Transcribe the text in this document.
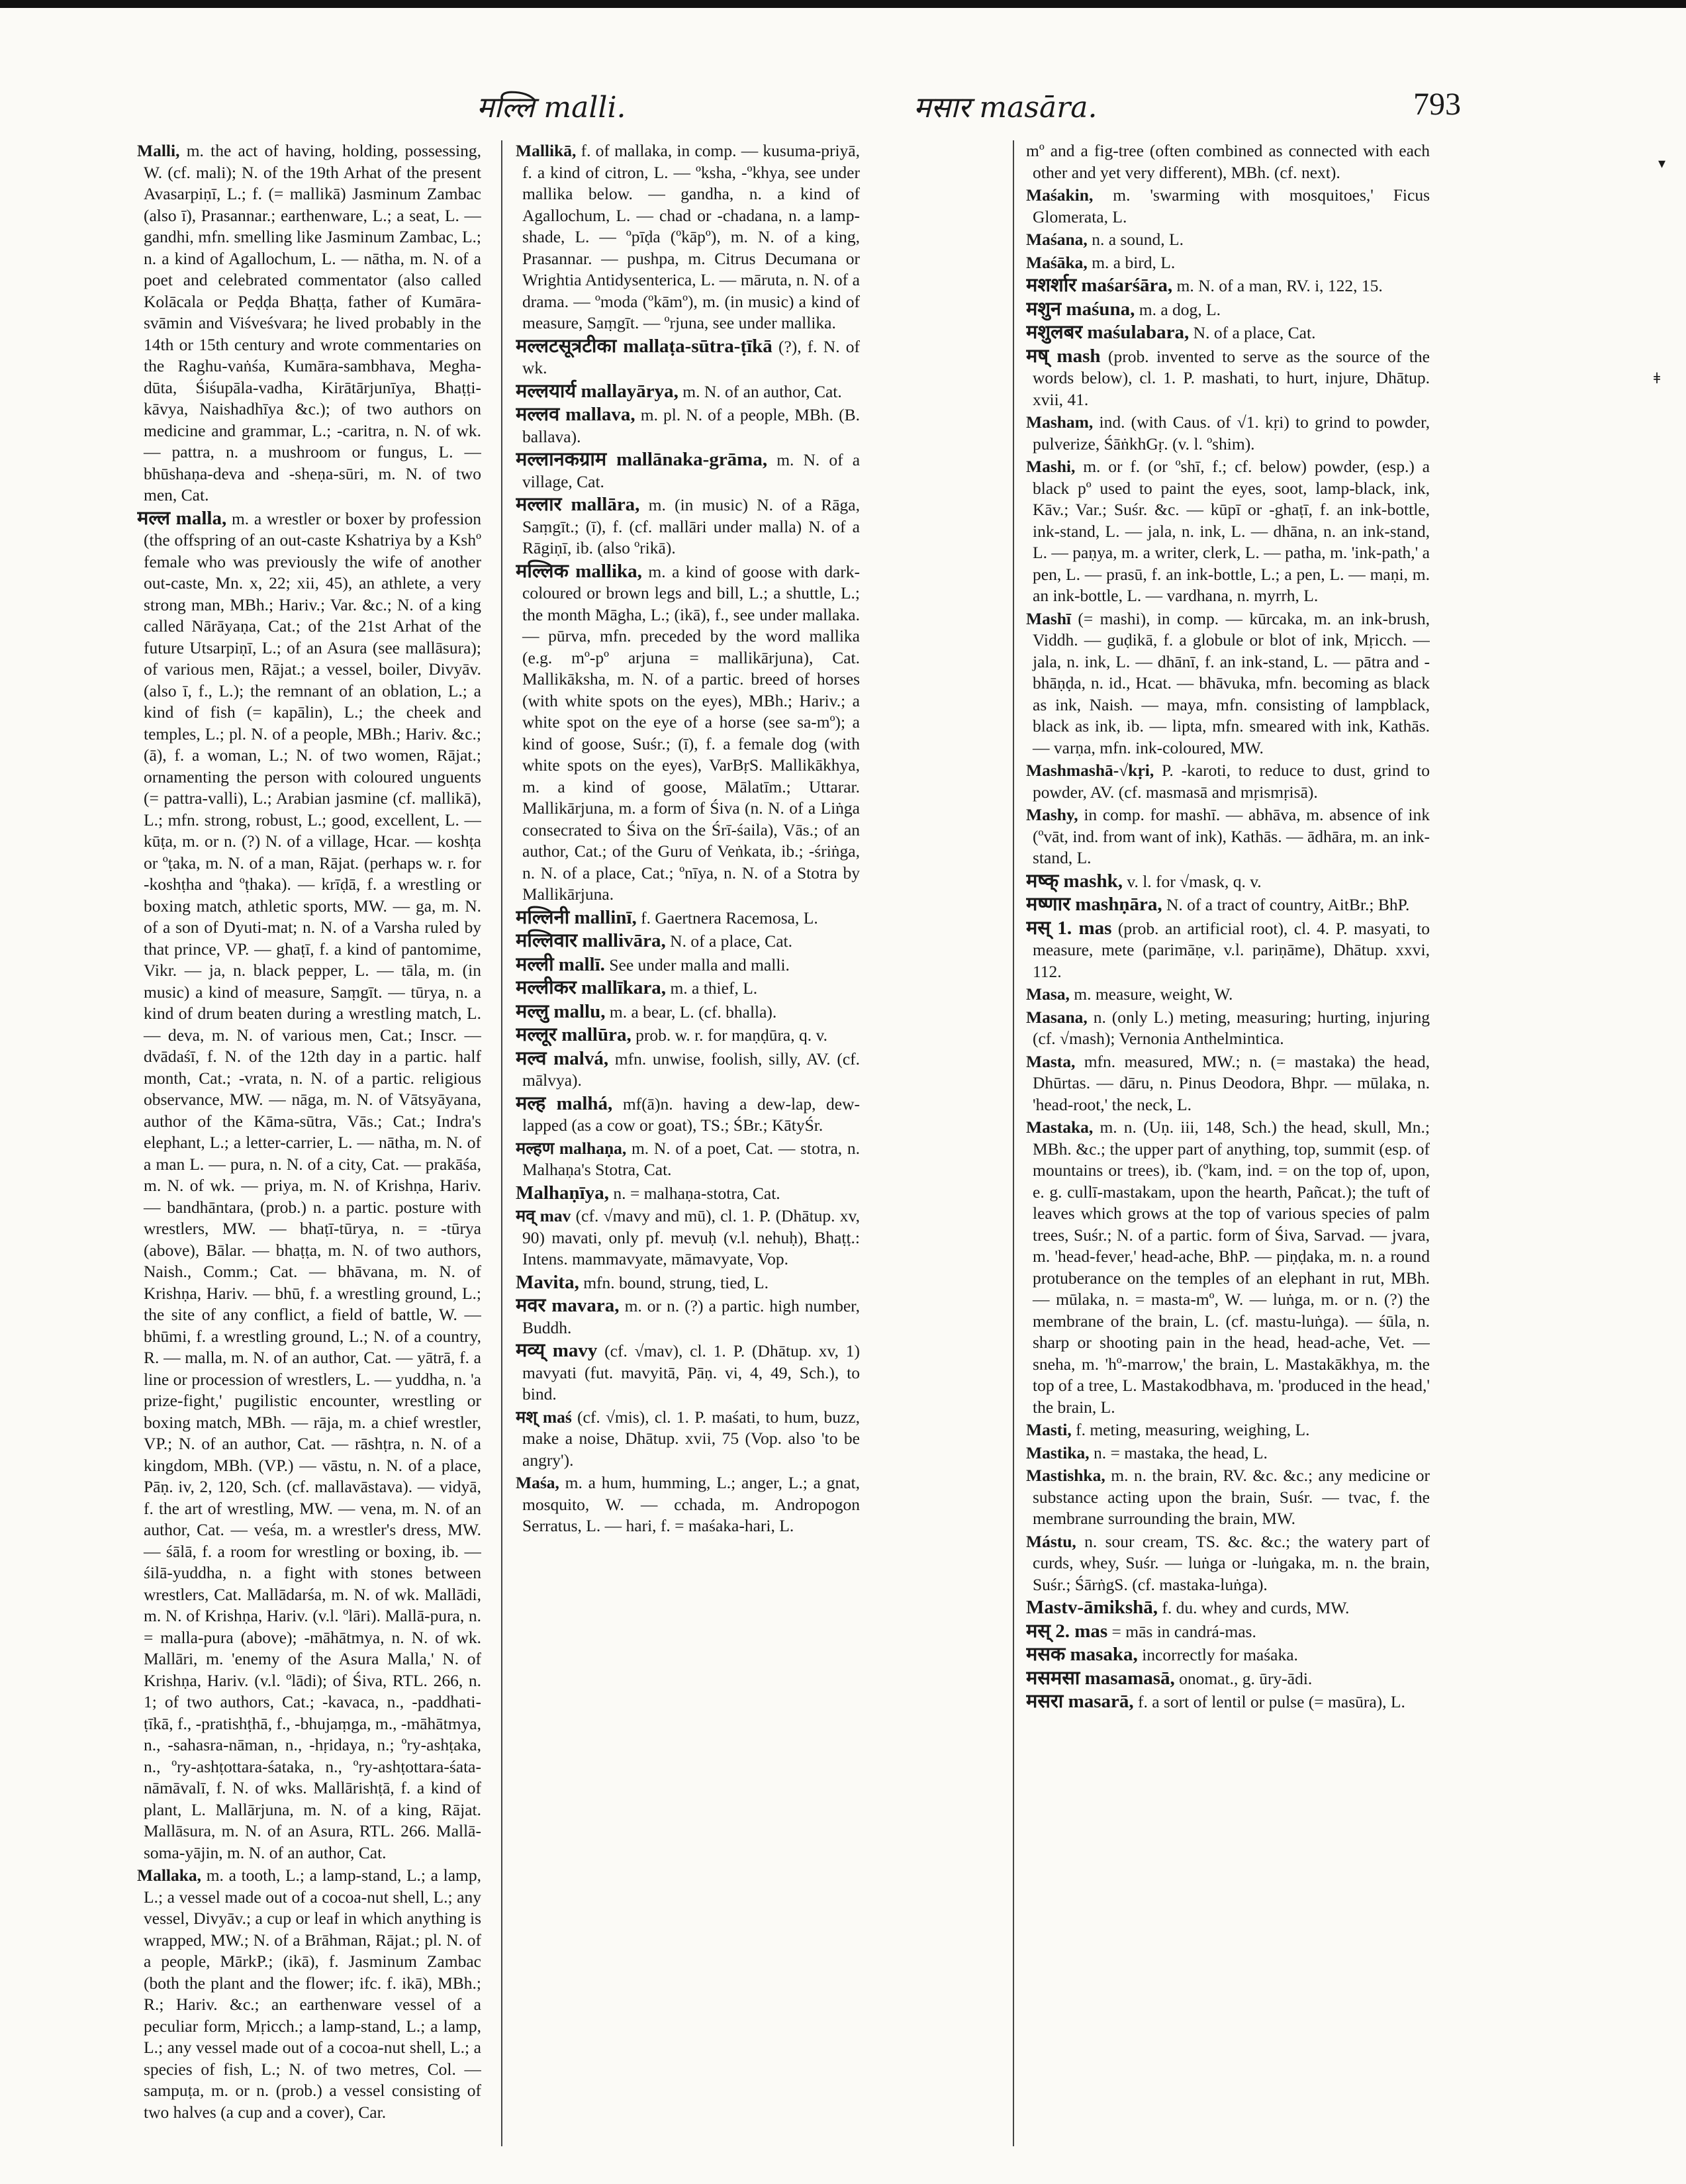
मल्लि malli.	मसार masāra.	793
▾
ǂ

Malli, m. the act of having, holding, possessing, W. (cf. mali); N. of the 19th Arhat of the present Avasarpiṇī, L.; f. (= mallikā) Jasminum Zambac (also ī), Prasannar.; earthenware, L.; a seat, L. — gandhi, mfn. smelling like Jasminum Zambac, L.; n. a kind of Agallochum, L. — nātha, m. N. of a poet and celebrated commentator (also called Kolācala or Peḍḍa Bhaṭṭa, father of Kumāra-svāmin and Viśveśvara; he lived probably in the 14th or 15th century and wrote commentaries on the Raghu-vaṅśa, Kumāra-sambhava, Megha-dūta, Śiśupāla-vadha, Kirātārjunīya, Bhaṭṭi-kāvya, Naishadhīya &c.); of two authors on medicine and grammar, L.; -caritra, n. N. of wk. — pattra, n. a mushroom or fungus, L. — bhūshaṇa-deva and -sheṇa-sūri, m. N. of two men, Cat.

मल्ल malla, m. a wrestler or boxer by profession (the offspring of an out-caste Kshatriya by a Kshº female who was previously the wife of another out-caste, Mn. x, 22; xii, 45), an athlete, a very strong man, MBh.; Hariv.; Var. &c.; N. of a king called Nārāyaṇa, Cat.; of the 21st Arhat of the future Utsarpiṇī, L.; of an Asura (see mallāsura); of various men, Rājat.; a vessel, boiler, Divyāv. (also ī, f., L.); the remnant of an oblation, L.; a kind of fish (= kapālin), L.; the cheek and temples, L.; pl. N. of a people, MBh.; Hariv. &c.; (ā), f. a woman, L.; N. of two women, Rājat.; ornamenting the person with coloured unguents (= pattra-valli), L.; Arabian jasmine (cf. mallikā), L.; mfn. strong, robust, L.; good, excellent, L. — kūṭa, m. or n. (?) N. of a village, Hcar. — koshṭa or ºṭaka, m. N. of a man, Rājat. (perhaps w. r. for -koshṭha and ºṭhaka). — krīḍā, f. a wrestling or boxing match, athletic sports, MW. — ga, m. N. of a son of Dyuti-mat; n. N. of a Varsha ruled by that prince, VP. — ghaṭī, f. a kind of pantomime, Vikr. — ja, n. black pepper, L. — tāla, m. (in music) a kind of measure, Saṃgīt. — tūrya, n. a kind of drum beaten during a wrestling match, L. — deva, m. N. of various men, Cat.; Inscr. — dvādaśī, f. N. of the 12th day in a partic. half month, Cat.; -vrata, n. N. of a partic. religious observance, MW. — nāga, m. N. of Vātsyāyana, author of the Kāma-sūtra, Vās.; Cat.; Indra's elephant, L.; a letter-carrier, L. — nātha, m. N. of a man L. — pura, n. N. of a city, Cat. — prakāśa, m. N. of wk. — priya, m. N. of Krishṇa, Hariv. — bandhāntara, (prob.) n. a partic. posture with wrestlers, MW. — bhaṭī-tūrya, n. = -tūrya (above), Bālar. — bhaṭṭa, m. N. of two authors, Naish., Comm.; Cat. — bhāvana, m. N. of Krishṇa, Hariv. — bhū, f. a wrestling ground, L.; the site of any conflict, a field of battle, W. — bhūmi, f. a wrestling ground, L.; N. of a country, R. — malla, m. N. of an author, Cat. — yātrā, f. a line or procession of wrestlers, L. — yuddha, n. 'a prize-fight,' pugilistic encounter, wrestling or boxing match, MBh. — rāja, m. a chief wrestler, VP.; N. of an author, Cat. — rāshṭra, n. N. of a kingdom, MBh. (VP.) — vāstu, n. N. of a place, Pāṇ. iv, 2, 120, Sch. (cf. mallavāstava). — vidyā, f. the art of wrestling, MW. — vena, m. N. of an author, Cat. — veśa, m. a wrestler's dress, MW. — śālā, f. a room for wrestling or boxing, ib. — śilā-yuddha, n. a fight with stones between wrestlers, Cat. Mallādarśa, m. N. of wk. Mallādi, m. N. of Krishṇa, Hariv. (v.l. ºlāri). Mallā-pura, n. = malla-pura (above); -māhātmya, n. N. of wk. Mallāri, m. 'enemy of the Asura Malla,' N. of Krishṇa, Hariv. (v.l. ºlādi); of Śiva, RTL. 266, n. 1; of two authors, Cat.; -kavaca, n., -paddhati-ṭīkā, f., -pratishṭhā, f., -bhujaṃga, m., -māhātmya, n., -sahasra-nāman, n., -hṛidaya, n.; ºry-ashṭaka, n., ºry-ashṭottara-śataka, n., ºry-ashṭottara-śata-nāmāvalī, f. N. of wks. Mallārishṭā, f. a kind of plant, L. Mallārjuna, m. N. of a king, Rājat. Mallāsura, m. N. of an Asura, RTL. 266. Mallā-soma-yājin, m. N. of an author, Cat.

Mallaka, m. a tooth, L.; a lamp-stand, L.; a lamp, L.; a vessel made out of a cocoa-nut shell, L.; any vessel, Divyāv.; a cup or leaf in which anything is wrapped, MW.; N. of a Brāhman, Rājat.; pl. N. of a people, MārkP.; (ikā), f. Jasminum Zambac (both the plant and the flower; ifc. f. ikā), MBh.; R.; Hariv. &c.; an earthenware vessel of a peculiar form, Mṛicch.; a lamp-stand, L.; a lamp, L.; any vessel made out of a cocoa-nut shell, L.; a species of fish, L.; N. of two metres, Col. — sampuṭa, m. or n. (prob.) a vessel consisting of two halves (a cup and a cover), Car.

Mallikā, f. of mallaka, in comp. — kusuma-priyā, f. a kind of citron, L. — ºksha, -ºkhya, see under mallika below. — gandha, n. a kind of Agallochum, L. — chad or -chadana, n. a lamp-shade, L. — ºpīḍa (ºkāpº), m. N. of a king, Prasannar. — pushpa, m. Citrus Decumana or Wrightia Antidysenterica, L. — māruta, n. N. of a drama. — ºmoda (ºkāmº), m. (in music) a kind of measure, Saṃgīt. — ºrjuna, see under mallika.

मल्लटसूत्रटीका mallaṭa-sūtra-ṭīkā (?), f. N. of wk.

मल्लयार्य mallayārya, m. N. of an author, Cat.

मल्लव mallava, m. pl. N. of a people, MBh. (B. ballava).

मल्लानकग्राम mallānaka-grāma, m. N. of a village, Cat.

मल्लार mallāra, m. (in music) N. of a Rāga, Saṃgīt.; (ī), f. (cf. mallāri under malla) N. of a Rāgiṇī, ib. (also ºrikā).

मल्लिक mallika, m. a kind of goose with dark-coloured or brown legs and bill, L.; a shuttle, L.; the month Māgha, L.; (ikā), f., see under mallaka. — pūrva, mfn. preceded by the word mallika (e.g. mº-pº arjuna = mallikārjuna), Cat. Mallikāksha, m. N. of a partic. breed of horses (with white spots on the eyes), MBh.; Hariv.; a white spot on the eye of a horse (see sa-mº); a kind of goose, Suśr.; (ī), f. a female dog (with white spots on the eyes), VarBṛS. Mallikākhya, m. a kind of goose, Mālatīm.; Uttarar. Mallikārjuna, m. a form of Śiva (n. N. of a Liṅga consecrated to Śiva on the Śrī-śaila), Vās.; of an author, Cat.; of the Guru of Veṅkata, ib.; -śriṅga, n. N. of a place, Cat.; ºnīya, n. N. of a Stotra by Mallikārjuna.

मल्लिनी mallinī, f. Gaertnera Racemosa, L.

मल्लिवार mallivāra, N. of a place, Cat.

मल्ली mallī. See under malla and malli.

मल्लीकर mallīkara, m. a thief, L.

मल्लु mallu, m. a bear, L. (cf. bhalla).

मल्लूर mallūra, prob. w. r. for maṇḍūra, q. v.

मल्व malvá, mfn. unwise, foolish, silly, AV. (cf. mālvya).

मल्ह malhá, mf(ā)n. having a dew-lap, dew-lapped (as a cow or goat), TS.; ŚBr.; KātyŚr.

मल्हण malhaṇa, m. N. of a poet, Cat. — stotra, n. Malhaṇa's Stotra, Cat.

Malhaṇīya, n. = malhaṇa-stotra, Cat.

मव् mav (cf. √mavy and mū), cl. 1. P. (Dhātup. xv, 90) mavati, only pf. mevuḥ (v.l. nehuḥ), Bhaṭṭ.: Intens. mammavyate, māmavyate, Vop.

Mavita, mfn. bound, strung, tied, L.

मवर mavara, m. or n. (?) a partic. high number, Buddh.

मव्य् mavy (cf. √mav), cl. 1. P. (Dhātup. xv, 1) mavyati (fut. mavyitā, Pāṇ. vi, 4, 49, Sch.), to bind.

मश् maś (cf. √mis), cl. 1. P. maśati, to hum, buzz, make a noise, Dhātup. xvii, 75 (Vop. also 'to be angry').

Maśa, m. a hum, humming, L.; anger, L.; a gnat, mosquito, W. — cchada, m. Andropogon Serratus, L. — hari, f. = maśaka-hari, L.

mº and a fig-tree (often combined as connected with each other and yet very different), MBh. (cf. next).

Maśakin, m. 'swarming with mosquitoes,' Ficus Glomerata, L.

Maśana, n. a sound, L.

Maśāka, m. a bird, L.

मशर्शार maśarśāra, m. N. of a man, RV. i, 122, 15.

मशुन maśuna, m. a dog, L.

मशुलबर maśulabara, N. of a place, Cat.

मष् mash (prob. invented to serve as the source of the words below), cl. 1. P. mashati, to hurt, injure, Dhātup. xvii, 41.

Masham, ind. (with Caus. of √1. kṛi) to grind to powder, pulverize, ŚāṅkhGṛ. (v. l. ºshim).

Mashi, m. or f. (or ºshī, f.; cf. below) powder, (esp.) a black pº used to paint the eyes, soot, lamp-black, ink, Kāv.; Var.; Suśr. &c. — kūpī or -ghaṭī, f. an ink-bottle, ink-stand, L. — jala, n. ink, L. — dhāna, n. an ink-stand, L. — paṇya, m. a writer, clerk, L. — patha, m. 'ink-path,' a pen, L. — prasū, f. an ink-bottle, L.; a pen, L. — maṇi, m. an ink-bottle, L. — vardhana, n. myrrh, L.

Mashī (= mashi), in comp. — kūrcaka, m. an ink-brush, Viddh. — guḍikā, f. a globule or blot of ink, Mṛicch. — jala, n. ink, L. — dhānī, f. an ink-stand, L. — pātra and -bhāṇḍa, n. id., Hcat. — bhāvuka, mfn. becoming as black as ink, Naish. — maya, mfn. consisting of lampblack, black as ink, ib. — lipta, mfn. smeared with ink, Kathās. — varṇa, mfn. ink-coloured, MW.

Mashmashā-√kṛi, P. -karoti, to reduce to dust, grind to powder, AV. (cf. masmasā and mṛismṛisā).

Mashy, in comp. for mashī. — abhāva, m. absence of ink (ºvāt, ind. from want of ink), Kathās. — ādhāra, m. an ink-stand, L.

मष्क् mashk, v. l. for √mask, q. v.

मष्णार mashṇāra, N. of a tract of country, AitBr.; BhP.

मस् 1. mas (prob. an artificial root), cl. 4. P. masyati, to measure, mete (parimāṇe, v.l. pariṇāme), Dhātup. xxvi, 112.

Masa, m. measure, weight, W.

Masana, n. (only L.) meting, measuring; hurting, injuring (cf. √mash); Vernonia Anthelmintica.

Masta, mfn. measured, MW.; n. (= mastaka) the head, Dhūrtas. — dāru, n. Pinus Deodora, Bhpr. — mūlaka, n. 'head-root,' the neck, L.

Mastaka, m. n. (Uṇ. iii, 148, Sch.) the head, skull, Mn.; MBh. &c.; the upper part of anything, top, summit (esp. of mountains or trees), ib. (ºkam, ind. = on the top of, upon, e. g. cullī-mastakam, upon the hearth, Pañcat.); the tuft of leaves which grows at the top of various species of palm trees, Suśr.; N. of a partic. form of Śiva, Sarvad. — jvara, m. 'head-fever,' head-ache, BhP. — piṇḍaka, m. n. a round protuberance on the temples of an elephant in rut, MBh. — mūlaka, n. = masta-mº, W. — luṅga, m. or n. (?) the membrane of the brain, L. (cf. mastu-luṅga). — śūla, n. sharp or shooting pain in the head, head-ache, Vet. — sneha, m. 'hº-marrow,' the brain, L. Mastakākhya, m. the top of a tree, L. Mastakodbhava, m. 'produced in the head,' the brain, L.

Masti, f. meting, measuring, weighing, L.

Mastika, n. = mastaka, the head, L.

Mastishka, m. n. the brain, RV. &c. &c.; any medicine or substance acting upon the brain, Suśr. — tvac, f. the membrane surrounding the brain, MW.

Mástu, n. sour cream, TS. &c. &c.; the watery part of curds, whey, Suśr. — luṅga or -luṅgaka, m. n. the brain, Suśr.; ŚārṅgS. (cf. mastaka-luṅga).

Mastv-āmikshā, f. du. whey and curds, MW.

मस् 2. mas = mās in candrá-mas.

मसक masaka, incorrectly for maśaka.

मसमसा masamasā, onomat., g. ūry-ādi.

मसरा masarā, f. a sort of lentil or pulse (= masūra), L.
